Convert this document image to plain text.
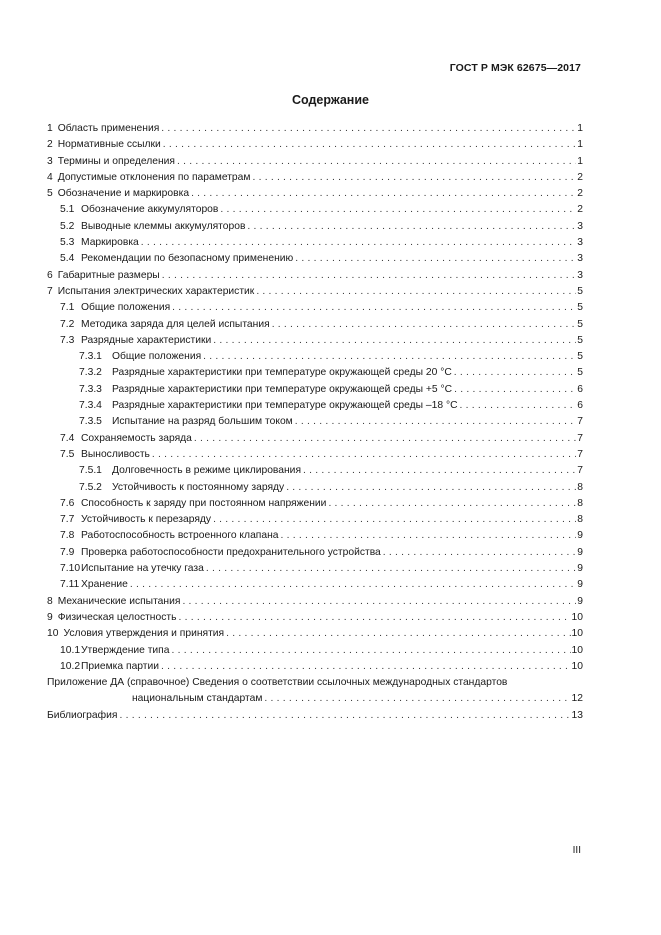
ГОСТ Р МЭК 62675—2017
Содержание
1 Область применения . . .	1
2 Нормативные ссылки . . .	1
3 Термины и определения . . .	1
4 Допустимые отклонения по параметрам . . .	2
5 Обозначение и маркировка . . .	2
5.1 Обозначение аккумуляторов . . .	2
5.2 Выводные клеммы аккумуляторов . . .	3
5.3 Маркировка . . .	3
5.4 Рекомендации по безопасному применению . . .	3
6 Габаритные размеры . . .	3
7 Испытания электрических характеристик . . .	5
7.1 Общие положения . . .	5
7.2 Методика заряда для целей испытания . . .	5
7.3 Разрядные характеристики . . .	5
7.3.1 Общие положения . . .	5
7.3.2 Разрядные характеристики при температуре окружающей среды 20 °С . . .	5
7.3.3 Разрядные характеристики при температуре окружающей среды +5 °С . . .	6
7.3.4 Разрядные характеристики при температуре окружающей среды –18 °С . . .	6
7.3.5 Испытание на разряд большим током . . .	7
7.4 Сохраняемость заряда . . .	7
7.5 Выносливость . . .	7
7.5.1 Долговечность в режиме циклирования . . .	7
7.5.2 Устойчивость к постоянному заряду . . .	8
7.6 Способность к заряду при постоянном напряжении . . .	8
7.7 Устойчивость к перезаряду . . .	8
7.8 Работоспособность встроенного клапана . . .	9
7.9 Проверка работоспособности предохранительного устройства . . .	9
7.10 Испытание на утечку газа . . .	9
7.11 Хранение . . .	9
8 Механические испытания . . .	9
9 Физическая целостность . . .	10
10 Условия утверждения и принятия . . .	10
10.1 Утверждение типа . . .	10
10.2 Приемка партии . . .	10
Приложение ДА (справочное) Сведения о соответствии ссылочных международных стандартов
национальным стандартам . . .	12
Библиография . . .	13
III
